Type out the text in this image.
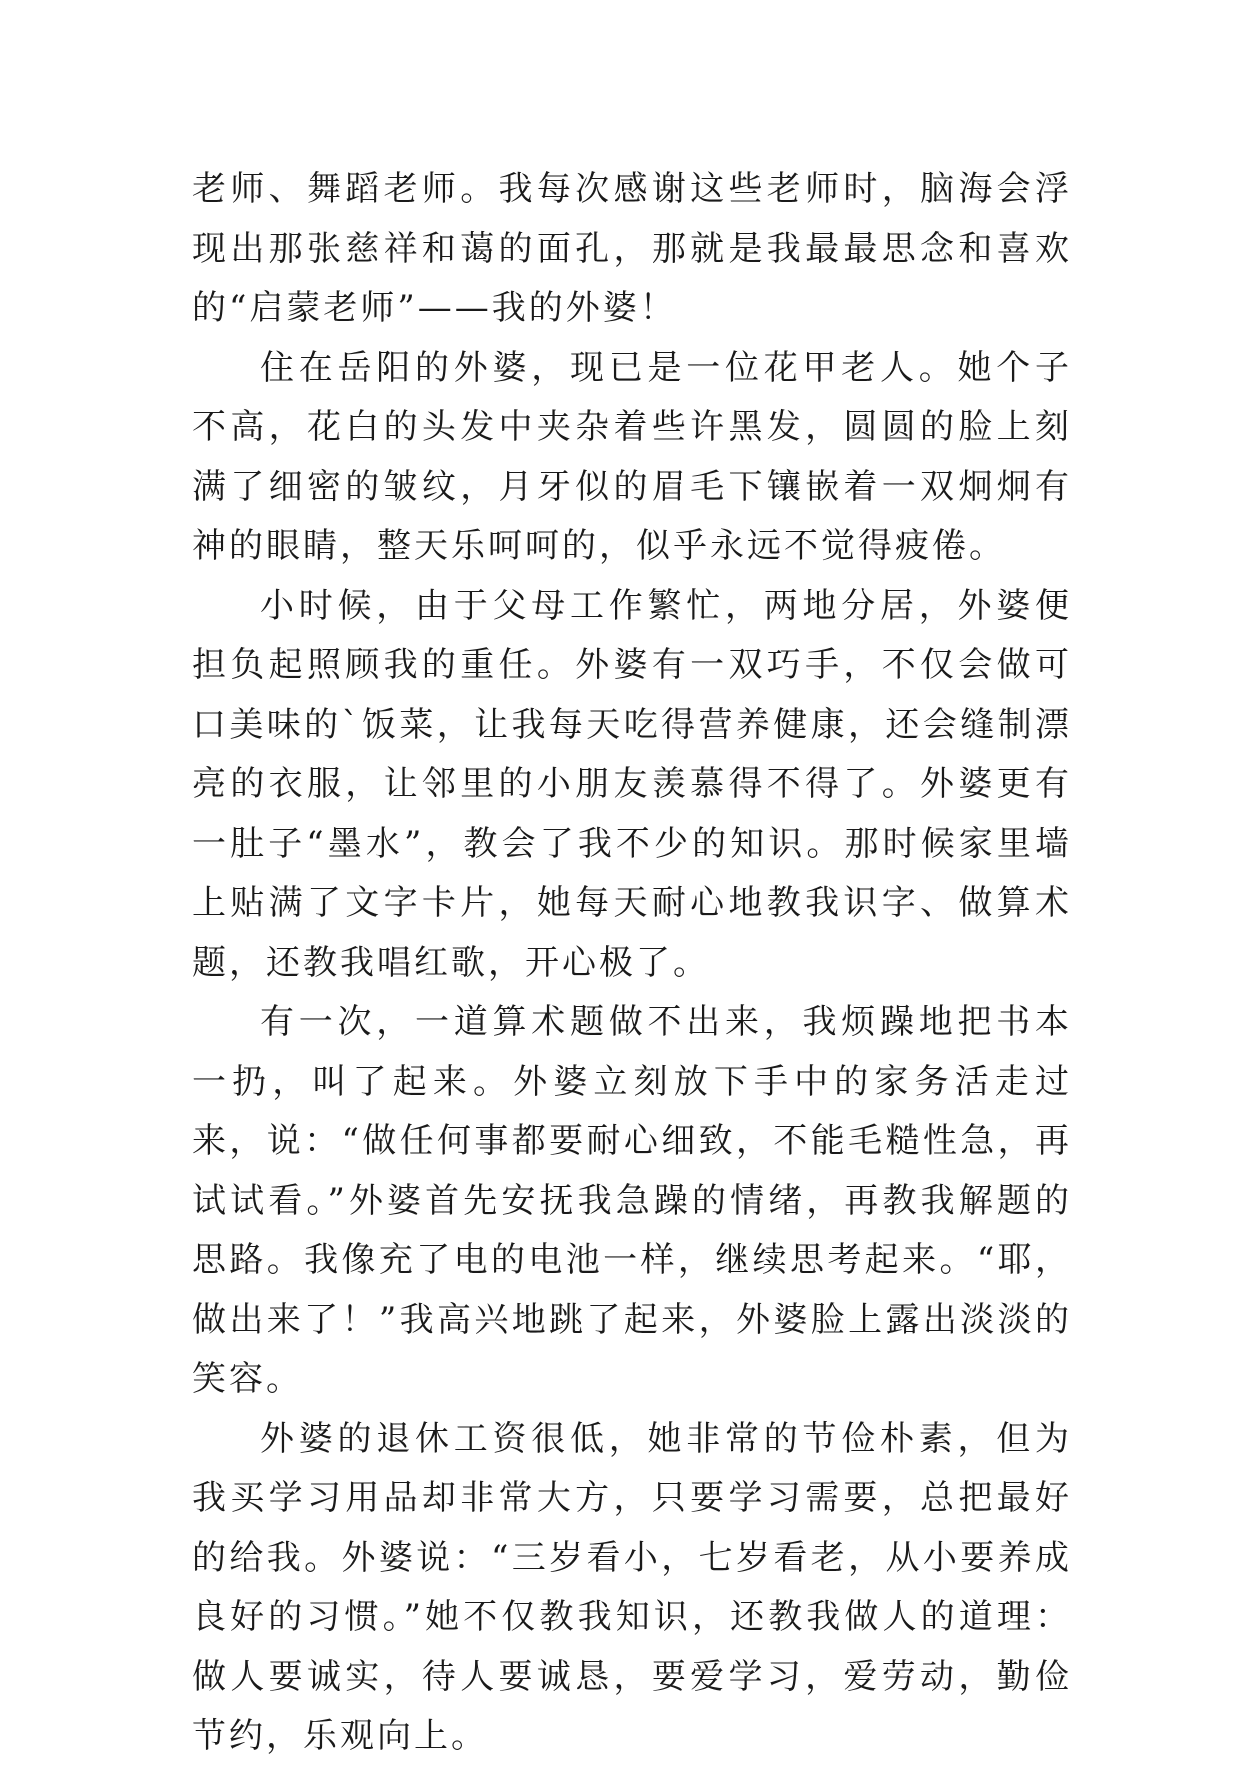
老师、舞蹈老师。我每次感谢这些老师时，脑海会浮现出那张慈祥和蔼的面孔，那就是我最最思念和喜欢的“启蒙老师”——我的外婆！

住在岳阳的外婆，现已是一位花甲老人。她个子不高，花白的头发中夹杂着些许黑发，圆圆的脸上刻满了细密的皱纹，月牙似的眉毛下镶嵌着一双炯炯有神的眼睛，整天乐呵呵的，似乎永远不觉得疲倦。

小时候，由于父母工作繁忙，两地分居，外婆便担负起照顾我的重任。外婆有一双巧手，不仅会做可口美味的`饭菜，让我每天吃得营养健康，还会缝制漂亮的衣服，让邻里的小朋友羡慕得不得了。外婆更有一肚子“墨水”，教会了我不少的知识。那时候家里墙上贴满了文字卡片，她每天耐心地教我识字、做算术题，还教我唱红歌，开心极了。

有一次，一道算术题做不出来，我烦躁地把书本一扔，叫了起来。外婆立刻放下手中的家务活走过来，说：“做任何事都要耐心细致，不能毛糙性急，再试试看。”外婆首先安抚我急躁的情绪，再教我解题的思路。我像充了电的电池一样，继续思考起来。“耶，做出来了！”我高兴地跳了起来，外婆脸上露出淡淡的笑容。

外婆的退休工资很低，她非常的节俭朴素，但为我买学习用品却非常大方，只要学习需要，总把最好的给我。外婆说：“三岁看小，七岁看老，从小要养成良好的习惯。”她不仅教我知识，还教我做人的道理：做人要诚实，待人要诚恳，要爱学习，爱劳动，勤俭节约，乐观向上。
